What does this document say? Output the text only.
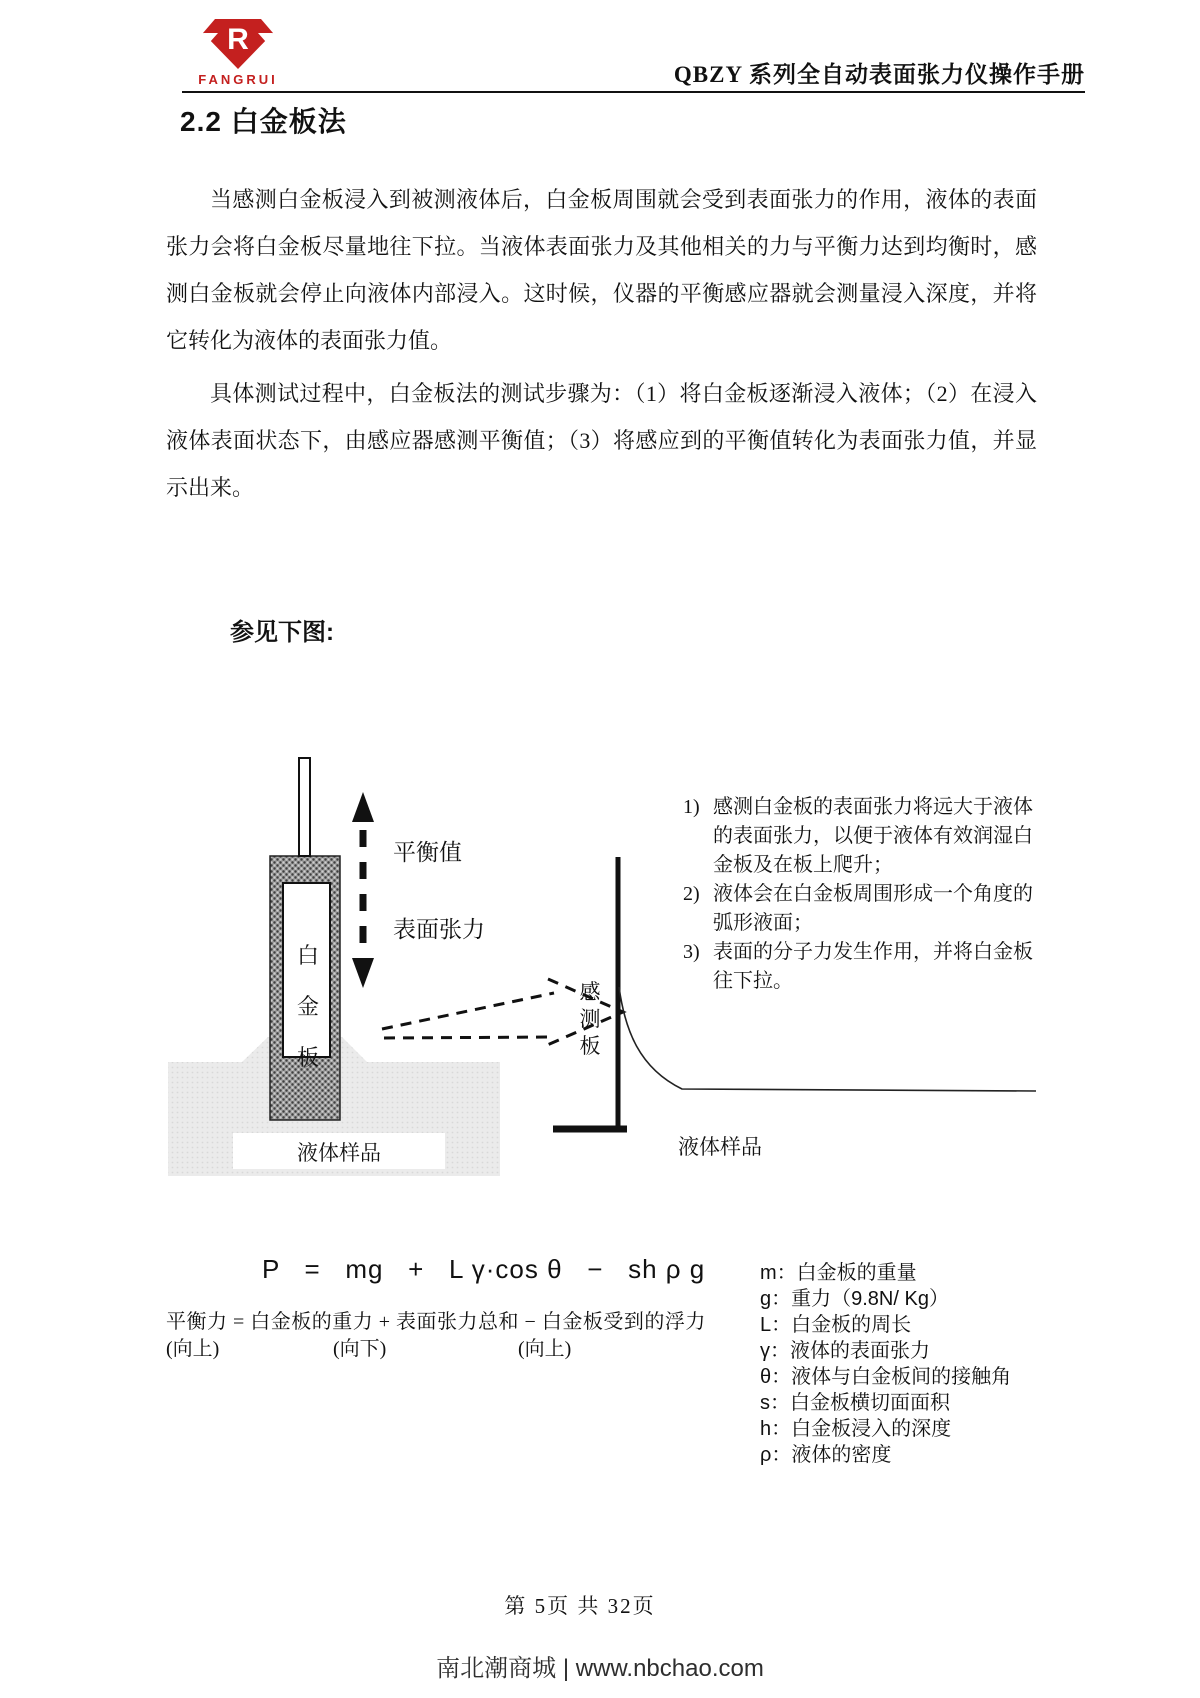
R
FANGRUI	QBZY 系列全自动表面张力仪操作手册
2.2 白金板法

当感测白金板浸入到被测液体后，白金板周围就会受到表面张力的作用，液体的表面张力会将白金板尽量地往下拉。当液体表面张力及其他相关的力与平衡力达到均衡时，感测白金板就会停止向液体内部浸入。这时候，仪器的平衡感应器就会测量浸入深度，并将它转化为液体的表面张力值。

具体测试过程中，白金板法的测试步骤为：（1）将白金板逐渐浸入液体；（2）在浸入液体表面状态下，由感应器感测平衡值；（3）将感应到的平衡值转化为表面张力值，并显示出来。

参见下图:
平衡值
表面张力
白金板
感测板
液体样品	液体样品

1) 感测白金板的表面张力将远大于液体的表面张力，以便于液体有效润湿白金板及在板上爬升；

2) 液体会在白金板周围形成一个角度的弧形液面；

3) 表面的分子力发生作用，并将白金板往下拉。

P   =   mg   +   L γ·cos θ   −   sh ρ g
平衡力 = 白金板的重力 + 表面张力总和 − 白金板受到的浮力
(向上)	(向下)	(向上)
m：白金板的重量
g：重力（9.8N/ Kg）
L：白金板的周长
γ：液体的表面张力
θ：液体与白金板间的接触角
s：白金板横切面面积
h：白金板浸入的深度
ρ：液体的密度
第 5页 共 32页
南北潮商城 | www.nbchao.com
